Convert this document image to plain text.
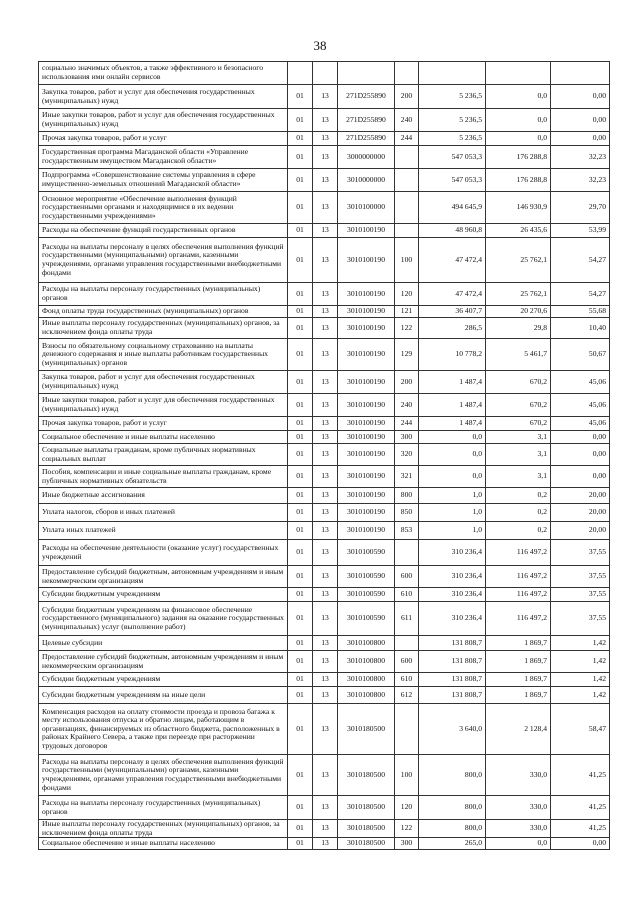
38
социально значимых объектов, а также эффективного и безопасного использования ими онлайн сервисов							
Закупка товаров, работ и услуг для обеспечения государственных (муниципальных) нужд	01	13	271D255890	200	5 236,5	0,0	0,00
Иные закупки товаров, работ и услуг для обеспечения государственных (муниципальных) нужд	01	13	271D255890	240	5 236,5	0,0	0,00
Прочая закупка товаров, работ и услуг	01	13	271D255890	244	5 236,5	0,0	0,00
Государственная программа Магаданской области «Управление государственным имуществом Магаданской области»	01	13	3000000000		547 053,3	176 288,8	32,23
Подпрограмма «Совершенствование системы управления в сфере имущественно-земельных отношений Магаданской области»	01	13	3010000000		547 053,3	176 288,8	32,23
Основное мероприятие «Обеспечение выполнения функций государственными органами и находящимися в их ведении государственными учреждениями»	01	13	3010100000		494 645,9	146 930,9	29,70
Расходы на обеспечение функций государственных органов	01	13	3010100190		48 960,8	26 435,6	53,99
Расходы на выплаты персоналу в целях обеспечения выполнения функций государственными (муниципальными) органами, казенными учреждениями, органами управления государственными внебюджетными фондами	01	13	3010100190	100	47 472,4	25 762,1	54,27
Расходы на выплаты персоналу государственных (муниципальных) органов	01	13	3010100190	120	47 472,4	25 762,1	54,27
Фонд оплаты труда государственных (муниципальных) органов	01	13	3010100190	121	36 407,7	20 270,6	55,68
Иные выплаты персоналу государственных (муниципальных) органов, за исключением фонда оплаты труда	01	13	3010100190	122	286,5	29,8	10,40
Взносы по обязательному социальному страхованию на выплаты денежного содержания и иные выплаты работникам государственных (муниципальных) органов	01	13	3010100190	129	10 778,2	5 461,7	50,67
Закупка товаров, работ и услуг для обеспечения государственных (муниципальных) нужд	01	13	3010100190	200	1 487,4	670,2	45,06
Иные закупки товаров, работ и услуг для обеспечения государственных (муниципальных) нужд	01	13	3010100190	240	1 487,4	670,2	45,06
Прочая закупка товаров, работ и услуг	01	13	3010100190	244	1 487,4	670,2	45,06
Социальное обеспечение и иные выплаты населению	01	13	3010100190	300	0,0	3,1	0,00
Социальные выплаты гражданам, кроме публичных нормативных социальных выплат	01	13	3010100190	320	0,0	3,1	0,00
Пособия, компенсации и иные социальные выплаты гражданам, кроме публичных нормативных обязательств	01	13	3010100190	321	0,0	3,1	0,00
Иные бюджетные ассигнования	01	13	3010100190	800	1,0	0,2	20,00
Уплата налогов, сборов и иных платежей	01	13	3010100190	850	1,0	0,2	20,00
Уплата иных платежей	01	13	3010100190	853	1,0	0,2	20,00
Расходы на обеспечение деятельности (оказание услуг) государственных учреждений	01	13	3010100590		310 236,4	116 497,2	37,55
Предоставление субсидий бюджетным, автономным учреждениям и иным некоммерческим организациям	01	13	3010100590	600	310 236,4	116 497,2	37,55
Субсидии бюджетным учреждениям	01	13	3010100590	610	310 236,4	116 497,2	37,55
Субсидии бюджетным учреждениям на финансовое обеспечение государственного (муниципального) задания на оказание государственных (муниципальных) услуг (выполнение работ)	01	13	3010100590	611	310 236,4	116 497,2	37,55
Целевые субсидии	01	13	3010100800		131 808,7	1 869,7	1,42
Предоставление субсидий бюджетным, автономным учреждениям и иным некоммерческим организациям	01	13	3010100800	600	131 808,7	1 869,7	1,42
Субсидии бюджетным учреждениям	01	13	3010100800	610	131 808,7	1 869,7	1,42
Субсидии бюджетным учреждениям на иные цели	01	13	3010100800	612	131 808,7	1 869,7	1,42
Компенсация расходов на оплату стоимости проезда и провоза багажа к месту использования отпуска и обратно лицам, работающим в организациях, финансируемых из областного бюджета, расположенных в районах Крайнего Севера, а также при переезде при расторжении трудовых договоров	01	13	3010180500		3 640,0	2 128,4	58,47
Расходы на выплаты персоналу в целях обеспечения выполнения функций государственными (муниципальными) органами, казенными учреждениями, органами управления государственными внебюджетными фондами	01	13	3010180500	100	800,0	330,0	41,25
Расходы на выплаты персоналу государственных (муниципальных) органов	01	13	3010180500	120	800,0	330,0	41,25
Иные выплаты персоналу государственных (муниципальных) органов, за исключением фонда оплаты труда	01	13	3010180500	122	800,0	330,0	41,25
Социальное обеспечение и иные выплаты населению	01	13	3010180500	300	265,0	0,0	0,00
